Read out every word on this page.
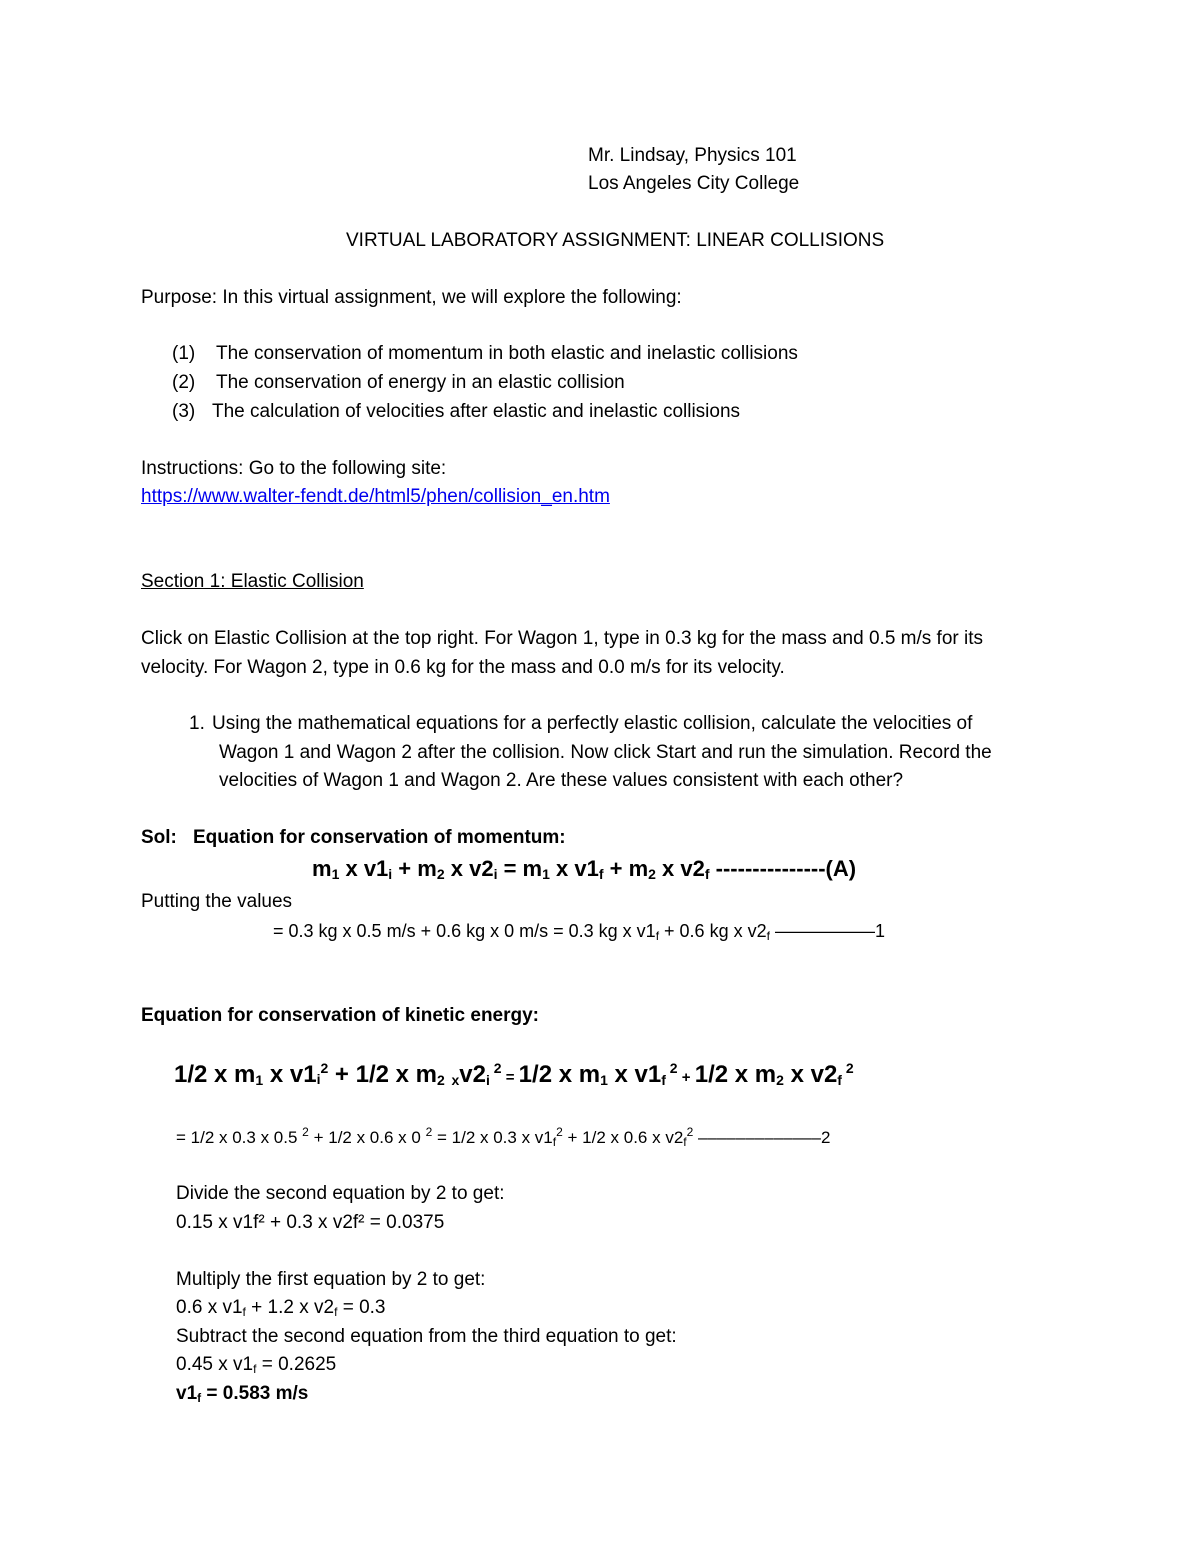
Mr. Lindsay, Physics 101
Los Angeles City College
VIRTUAL LABORATORY ASSIGNMENT: LINEAR COLLISIONS
Purpose: In this virtual assignment, we will explore the following:
(1) The conservation of momentum in both elastic and inelastic collisions
(2) The conservation of energy in an elastic collision
(3) The calculation of velocities after elastic and inelastic collisions
Instructions: Go to the following site:
https://www.walter-fendt.de/html5/phen/collision_en.htm
Section 1: Elastic Collision
Click on Elastic Collision at the top right. For Wagon 1, type in 0.3 kg for the mass and 0.5 m/s for its
velocity. For Wagon 2, type in 0.6 kg for the mass and 0.0 m/s for its velocity.
1. Using the mathematical equations for a perfectly elastic collision, calculate the velocities of
Wagon 1 and Wagon 2 after the collision. Now click Start and run the simulation. Record the
velocities of Wagon 1 and Wagon 2. Are these values consistent with each other?
Sol: Equation for conservation of momentum:
$m_1$ x $v1_i + m_2$ x $v2_i = m_1$ x $v1_f + m_2$ x $v2_f$ ---------------(A)
Putting the values
= 0.3 kg x 0.5 m/s + 0.6 kg x 0 m/s = 0.3 kg x $v1_f + 0.6$ kg x $v2_f$ ––––––––––1
Equation for conservation of kinetic energy:
1/2 x $m_1$ x $v1_i^2 + 1/2$ x $m_2$ $_xv2_i$ $^2$ = 1/2 x $m_1$ x $v1_f$ $^2$ + 1/2 x $m_2$ x $v2_f$ $^2$
= 1/2 x 0.3 x 0.5 $^2$ + 1/2 x 0.6 x 0 $^2$ = 1/2 x 0.3 x $v1_f^2 + 1/2$ x 0.6 x $v2_f^2$ –––––––––––––2
Divide the second equation by 2 to get:
0.15 x v1f² + 0.3 x v2f² = 0.0375
Multiply the first equation by 2 to get:
0.6 x $v1_f + 1.2$ x $v2_f = 0.3$
Subtract the second equation from the third equation to get:
0.45 x $v1_f = 0.2625$
$v1_f = 0.583$ m/s
